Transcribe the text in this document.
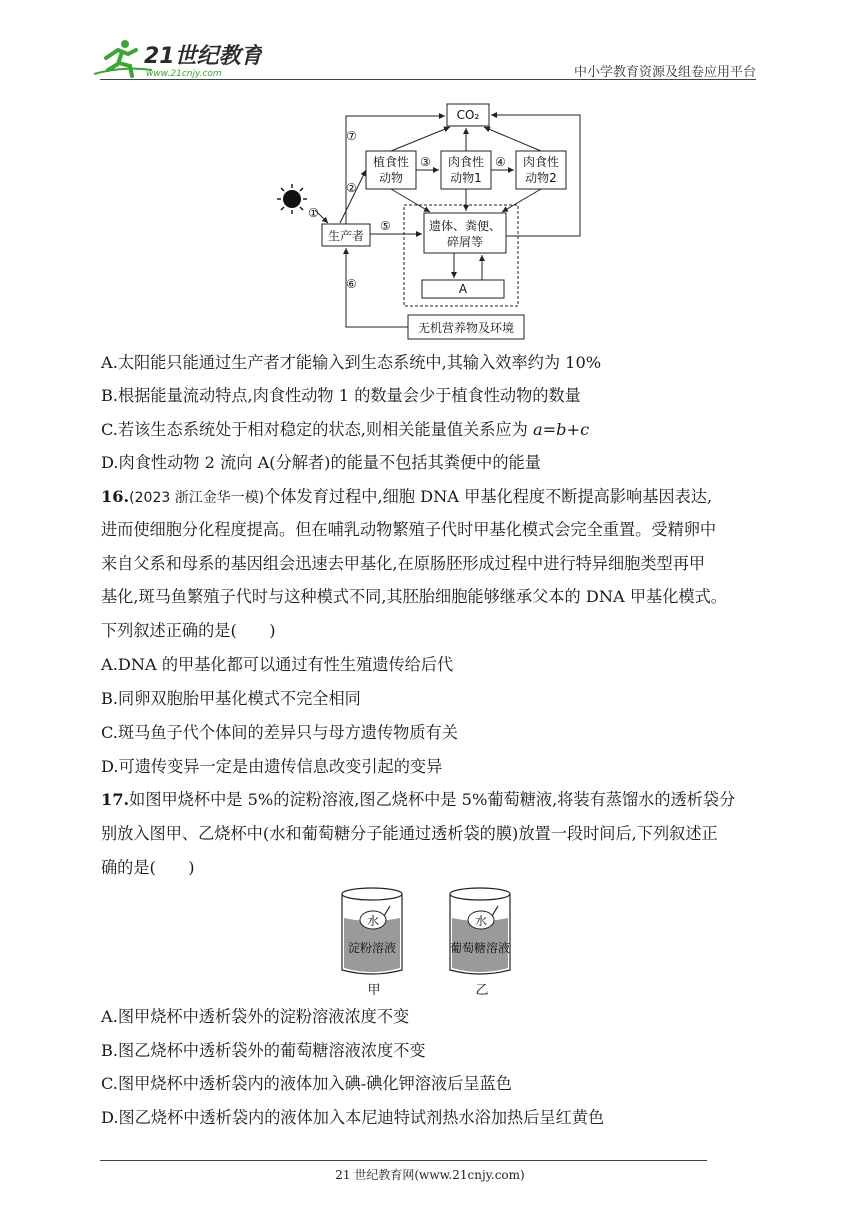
21世纪教育
www.21cnjy.com	中小学教育资源及组卷应用平台
CO₂
植食性
动物
肉食性
动物1
肉食性
动物2
生产者
遗体、粪便、
碎屑等
A
无机营养物及环境
①
②
③	④
⑤
⑥
⑦
A.太阳能只能通过生产者才能输入到生态系统中,其输入效率约为 10%
B.根据能量流动特点,肉食性动物 1 的数量会少于植食性动物的数量
C.若该生态系统处于相对稳定的状态,则相关能量值关系应为 a=b+c
D.肉食性动物 2 流向 A(分解者)的能量不包括其粪便中的能量
16.(2023 浙江金华一模)个体发育过程中,细胞 DNA 甲基化程度不断提高影响基因表达,
进而使细胞分化程度提高。但在哺乳动物繁殖子代时甲基化模式会完全重置。受精卵中
来自父系和母系的基因组会迅速去甲基化,在原肠胚形成过程中进行特异细胞类型再甲
基化,斑马鱼繁殖子代时与这种模式不同,其胚胎细胞能够继承父本的 DNA 甲基化模式。
下列叙述正确的是(　　)
A.DNA 的甲基化都可以通过有性生殖遗传给后代
B.同卵双胞胎甲基化模式不完全相同
C.斑马鱼子代个体间的差异只与母方遗传物质有关
D.可遗传变异一定是由遗传信息改变引起的变异
17.如图甲烧杯中是 5%的淀粉溶液,图乙烧杯中是 5%葡萄糖液,将装有蒸馏水的透析袋分
别放入图甲、乙烧杯中(水和葡萄糖分子能通过透析袋的膜)放置一段时间后,下列叙述正
确的是(　　)
水
淀粉溶液
甲
水
葡萄糖溶液
乙
A.图甲烧杯中透析袋外的淀粉溶液浓度不变
B.图乙烧杯中透析袋外的葡萄糖溶液浓度不变
C.图甲烧杯中透析袋内的液体加入碘-碘化钾溶液后呈蓝色
D.图乙烧杯中透析袋内的液体加入本尼迪特试剂热水浴加热后呈红黄色
21 世纪教育网(www.21cnjy.com)
